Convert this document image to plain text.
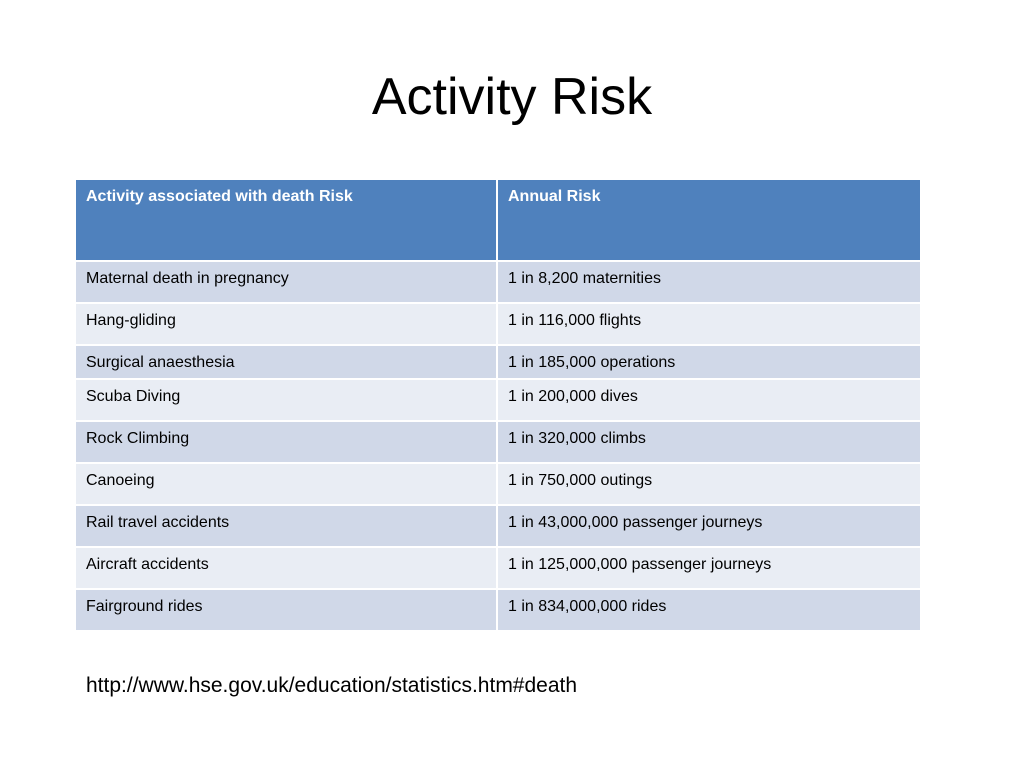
Activity Risk
Activity associated with death Risk	Annual Risk
Maternal death in pregnancy	1 in 8,200 maternities
Hang-gliding	1 in 116,000 flights
Surgical anaesthesia	1 in 185,000 operations
Scuba Diving	1 in 200,000 dives
Rock Climbing	1 in 320,000 climbs
Canoeing	1 in 750,000 outings
Rail travel accidents	1 in 43,000,000 passenger journeys
Aircraft accidents	1 in 125,000,000 passenger journeys
Fairground rides	1 in 834,000,000 rides
http://www.hse.gov.uk/education/statistics.htm#death
